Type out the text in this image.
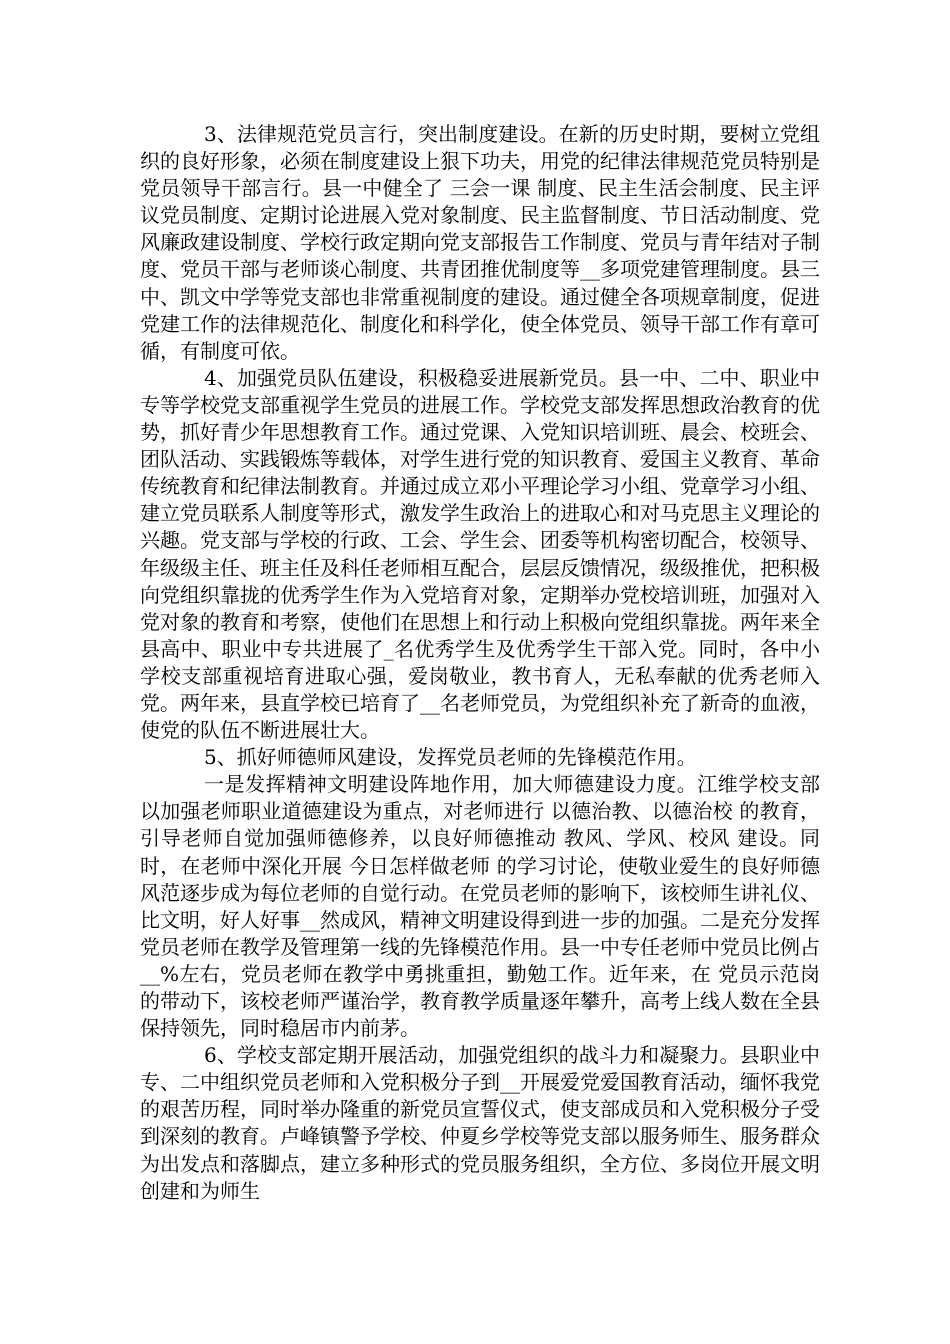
3、法律规范党员言行，突出制度建设。在新的历史时期，要树立党组织的良好形象，必须在制度建设上狠下功夫，用党的纪律法律规范党员特别是党员领导干部言行。县一中健全了 三会一课 制度、民主生活会制度、民主评议党员制度、定期讨论进展入党对象制度、民主监督制度、节日活动制度、党风廉政建设制度、学校行政定期向党支部报告工作制度、党员与青年结对子制度、党员干部与老师谈心制度、共青团推优制度等__多项党建管理制度。县三中、凯文中学等党支部也非常重视制度的建设。通过健全各项规章制度，促进党建工作的法律规范化、制度化和科学化，使全体党员、领导干部工作有章可循，有制度可依。

4、加强党员队伍建设，积极稳妥进展新党员。县一中、二中、职业中专等学校党支部重视学生党员的进展工作。学校党支部发挥思想政治教育的优势，抓好青少年思想教育工作。通过党课、入党知识培训班、晨会、校班会、团队活动、实践锻炼等载体，对学生进行党的知识教育、爱国主义教育、革命传统教育和纪律法制教育。并通过成立邓小平理论学习小组、党章学习小组、建立党员联系人制度等形式，激发学生政治上的进取心和对马克思主义理论的兴趣。党支部与学校的行政、工会、学生会、团委等机构密切配合，校领导、年级级主任、班主任及科任老师相互配合，层层反馈情况，级级推优，把积极向党组织靠拢的优秀学生作为入党培育对象，定期举办党校培训班，加强对入党对象的教育和考察，使他们在思想上和行动上积极向党组织靠拢。两年来全县高中、职业中专共进展了_名优秀学生及优秀学生干部入党。同时，各中小学校支部重视培育进取心强，爱岗敬业，教书育人，无私奉献的优秀老师入党。两年来，县直学校已培育了__名老师党员，为党组织补充了新奇的血液，使党的队伍不断进展壮大。

5、抓好师德师风建设，发挥党员老师的先锋模范作用。

一是发挥精神文明建设阵地作用，加大师德建设力度。江维学校支部以加强老师职业道德建设为重点，对老师进行 以德治教、以德治校 的教育，引导老师自觉加强师德修养，以良好师德推动 教风、学风、校风 建设。同时，在老师中深化开展 今日怎样做老师 的学习讨论，使敬业爱生的良好师德风范逐步成为每位老师的自觉行动。在党员老师的影响下，该校师生讲礼仪、比文明，好人好事__然成风，精神文明建设得到进一步的加强。二是充分发挥党员老师在教学及管理第一线的先锋模范作用。县一中专任老师中党员比例占__%左右，党员老师在教学中勇挑重担，勤勉工作。近年来，在 党员示范岗 的带动下，该校老师严谨治学，教育教学质量逐年攀升，高考上线人数在全县保持领先，同时稳居市内前茅。

6、学校支部定期开展活动，加强党组织的战斗力和凝聚力。县职业中专、二中组织党员老师和入党积极分子到__开展爱党爱国教育活动，缅怀我党的艰苦历程，同时举办隆重的新党员宣誓仪式，使支部成员和入党积极分子受到深刻的教育。卢峰镇警予学校、仲夏乡学校等党支部以服务师生、服务群众为出发点和落脚点，建立多种形式的党员服务组织，全方位、多岗位开展文明创建和为师生
